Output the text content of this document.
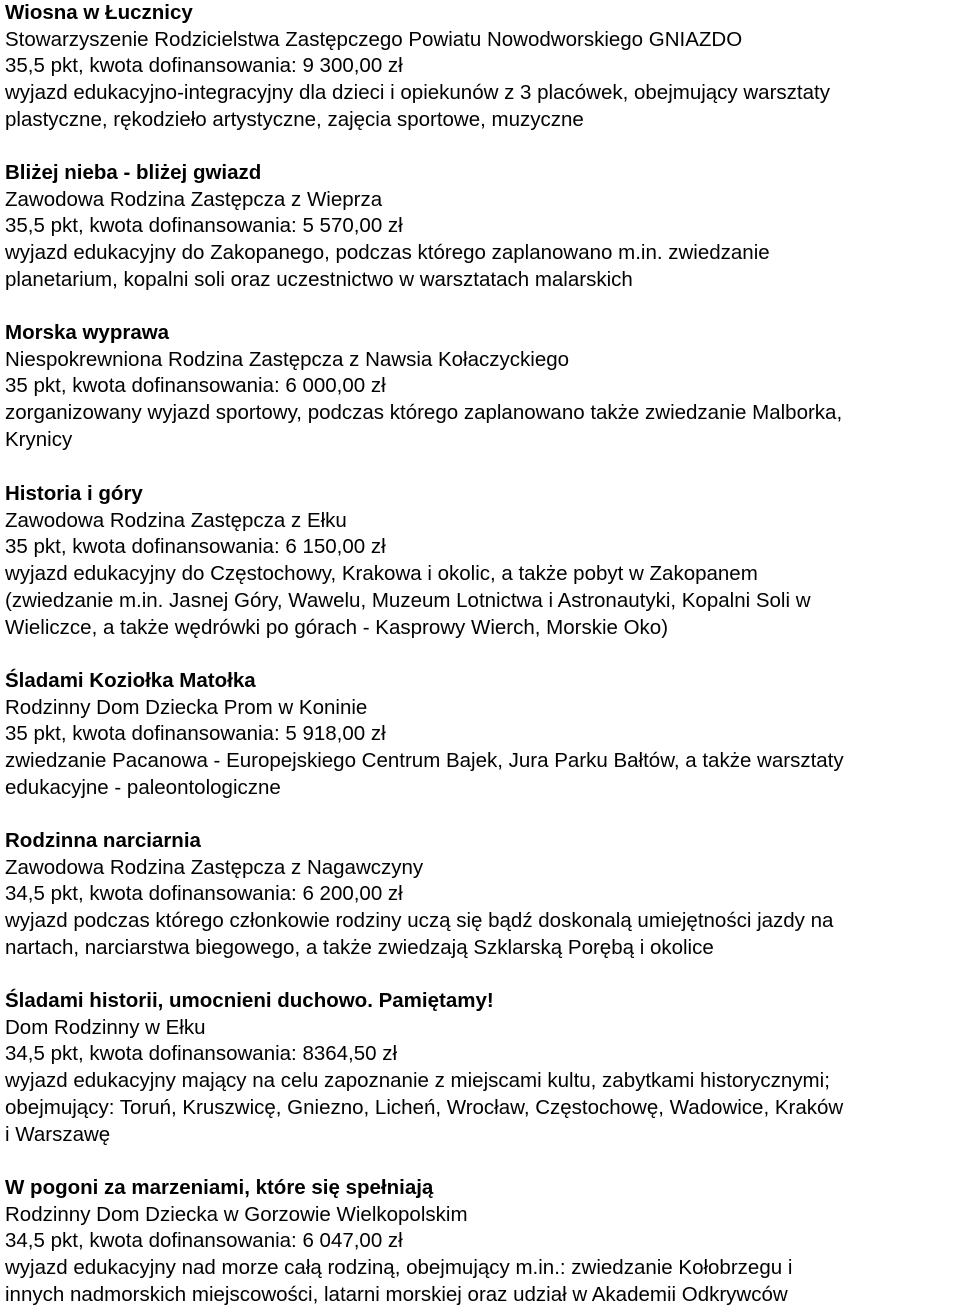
Wiosna w Łucznicy
Stowarzyszenie Rodzicielstwa Zastępczego Powiatu Nowodworskiego GNIAZDO
35,5 pkt, kwota dofinansowania: 9 300,00 zł
wyjazd edukacyjno-integracyjny dla dzieci i opiekunów z 3 placówek, obejmujący warsztaty
plastyczne, rękodzieło artystyczne, zajęcia sportowe, muzyczne
Bliżej nieba - bliżej gwiazd
Zawodowa Rodzina Zastępcza z Wieprza
35,5 pkt, kwota dofinansowania: 5 570,00 zł
wyjazd edukacyjny do Zakopanego, podczas którego zaplanowano m.in. zwiedzanie
planetarium, kopalni soli oraz uczestnictwo w warsztatach malarskich
Morska wyprawa
Niespokrewniona Rodzina Zastępcza z Nawsia Kołaczyckiego
35 pkt, kwota dofinansowania: 6 000,00 zł
zorganizowany wyjazd sportowy, podczas którego zaplanowano także zwiedzanie Malborka,
Krynicy
Historia i góry
Zawodowa Rodzina Zastępcza z Ełku
35 pkt, kwota dofinansowania: 6 150,00 zł
wyjazd edukacyjny do Częstochowy, Krakowa i okolic, a także pobyt w Zakopanem
(zwiedzanie m.in. Jasnej Góry, Wawelu, Muzeum Lotnictwa i Astronautyki, Kopalni Soli w
Wieliczce, a także wędrówki po górach - Kasprowy Wierch, Morskie Oko)
Śladami Koziołka Matołka
Rodzinny Dom Dziecka Prom w Koninie
35 pkt, kwota dofinansowania: 5 918,00 zł
zwiedzanie Pacanowa - Europejskiego Centrum Bajek, Jura Parku Bałtów, a także warsztaty
edukacyjne - paleontologiczne
Rodzinna narciarnia
Zawodowa Rodzina Zastępcza z Nagawczyny
34,5 pkt, kwota dofinansowania: 6 200,00 zł
wyjazd podczas którego członkowie rodziny uczą się bądź doskonalą umiejętności jazdy na
nartach, narciarstwa biegowego, a także zwiedzają Szklarską Porębą i okolice
Śladami historii, umocnieni duchowo. Pamiętamy!
Dom Rodzinny w Ełku
34,5 pkt, kwota dofinansowania: 8364,50 zł
wyjazd edukacyjny mający na celu zapoznanie z miejscami kultu, zabytkami historycznymi;
obejmujący: Toruń, Kruszwicę, Gniezno, Licheń, Wrocław, Częstochowę, Wadowice, Kraków
i Warszawę
W pogoni za marzeniami, które się spełniają
Rodzinny Dom Dziecka w Gorzowie Wielkopolskim
34,5 pkt, kwota dofinansowania: 6 047,00 zł
wyjazd edukacyjny nad morze całą rodziną, obejmujący m.in.: zwiedzanie Kołobrzegu i
innych nadmorskich miejscowości, latarni morskiej oraz udział w Akademii Odkrywców
